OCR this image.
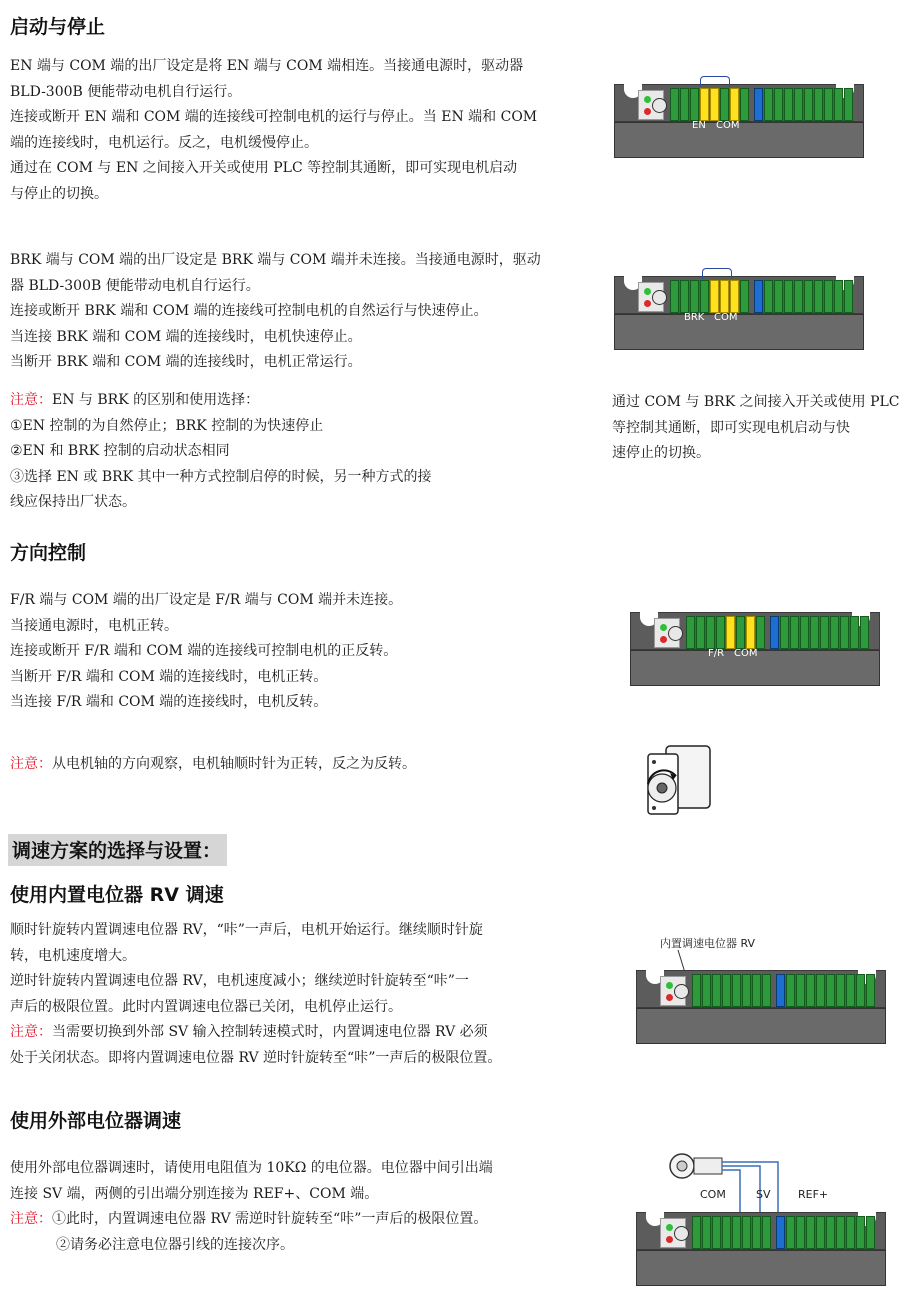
启动与停止
EN 端与 COM 端的出厂设定是将 EN 端与 COM 端相连。当接通电源时，驱动器
BLD-300B 便能带动电机自行运行。
连接或断开 EN 端和 COM 端的连接线可控制电机的运行与停止。当 EN 端和 COM
端的连接线时，电机运行。反之，电机缓慢停止。
通过在 COM 与 EN 之间接入开关或使用 PLC 等控制其通断，即可实现电机启动
与停止的切换。
BRK 端与 COM 端的出厂设定是 BRK 端与 COM 端并未连接。当接通电源时，驱动
器 BLD-300B 便能带动电机自行运行。
连接或断开 BRK 端和 COM 端的连接线可控制电机的自然运行与快速停止。
当连接 BRK 端和 COM 端的连接线时，电机快速停止。
当断开 BRK 端和 COM 端的连接线时，电机正常运行。
注意：EN 与 BRK 的区别和使用选择：
①EN 控制的为自然停止；BRK 控制的为快速停止
②EN 和 BRK 控制的启动状态相同
③选择 EN 或 BRK 其中一种方式控制启停的时候，另一种方式的接
线应保持出厂状态。
通过 COM 与 BRK 之间接入开关或使用 PLC
等控制其通断，即可实现电机启动与快
速停止的切换。
EN COM
BRK COM
方向控制
F/R 端与 COM 端的出厂设定是 F/R 端与 COM 端并未连接。
当接通电源时，电机正转。
连接或断开 F/R 端和 COM 端的连接线可控制电机的正反转。
当断开 F/R 端和 COM 端的连接线时，电机正转。
当连接 F/R 端和 COM 端的连接线时，电机反转。
注意：从电机轴的方向观察，电机轴顺时针为正转，反之为反转。
F/R COM
调速方案的选择与设置：
使用内置电位器 RV 调速
顺时针旋转内置调速电位器 RV，“咔”一声后，电机开始运行。继续顺时针旋
转，电机速度增大。
逆时针旋转内置调速电位器 RV，电机速度减小；继续逆时针旋转至“咔”一
声后的极限位置。此时内置调速电位器已关闭，电机停止运行。
注意：当需要切换到外部 SV 输入控制转速模式时，内置调速电位器 RV 必须
处于关闭状态。即将内置调速电位器 RV 逆时针旋转至“咔”一声后的极限位置。
内置调速电位器 RV
使用外部电位器调速
使用外部电位器调速时，请使用电阻值为 10KΩ 的电位器。电位器中间引出端
连接 SV 端，两侧的引出端分别连接为 REF+、COM 端。
注意：①此时，内置调速电位器 RV 需逆时针旋转至“咔”一声后的极限位置。
②请务必注意电位器引线的连接次序。
COM	SV REF+
